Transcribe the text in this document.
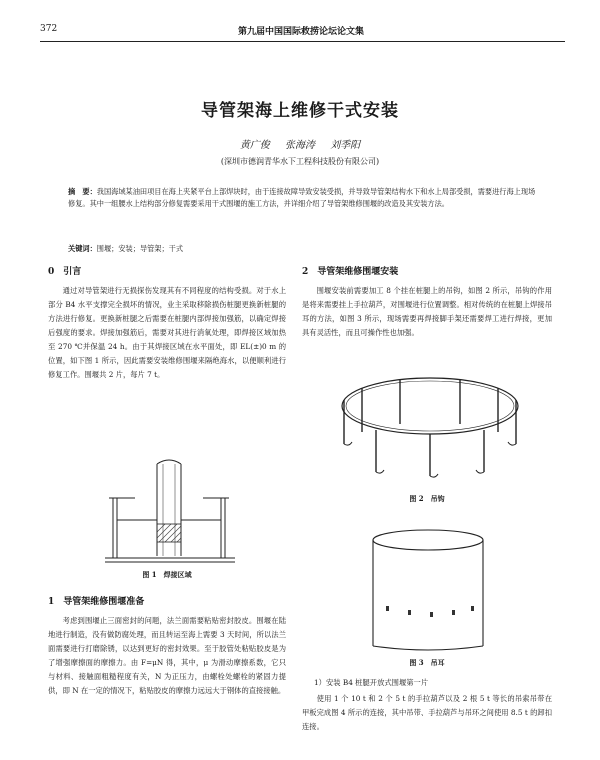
372	第九届中国国际救捞论坛论文集
导管架海上维修干式安装
黄广俊 张海涛 刘季阳
(深圳市德润青华水下工程科技股份有限公司)
摘　要：我国海域某油田项目在海上夹紧平台上部焊块时，由于连接故障导致安装受损，并导致导管架结构水下和水上局部受损，需要进行海上现场修复。其中一组腰水上结构部分修复需要采用干式围堰的施工方法，并详细介绍了导管架维修围堰的改造及其安装方法。
关键词：围堰；安装；导管架；干式
0　引言
通过对导管架进行无损探伤发现其有不同程度的结构受损。对于水上部分 B4 水平支撑完全损坏的情况，业主采取移除损伤桩腿更换新桩腿的方法进行修复。更换新桩腿之后需要在桩腿内部焊接加强筋，以确定焊接后强度的要求。焊接加强筋后，需要对其进行消氧处理，即焊接区域加热至 270 ℃并保温 24 h。由于其焊接区域在水平面处，即 EL(±)0 m 的位置，如下图 1 所示，因此需要安装维修围堰来隔绝海水，以便顺利进行修复工作。围堰共 2 片，每片 7 t。
图 1　焊接区域
1　导管架维修围堰准备
考虑到围堰止三面密封的问题，法兰面需要粘贴密封胶皮。围堰在陆地进行制造，没有做防腐处理，而且转运至海上需要 3 天时间，所以法兰面需要进行打磨除锈，以达到更好的密封效果。至于胶管处粘贴胶皮是为了增强摩擦面的摩擦力。由 F=μN 得，其中，μ 为滑动摩擦系数，它只与材料、接触面粗糙程度有关，N 为正压力，由螺栓处螺栓的紧固力提供，即 N 在一定的情况下，粘贴胶皮的摩擦力远远大于钢体的直接接触。
2　导管架维修围堰安装
围堰安装前需要加工 8 个挂在桩腿上的吊钩，如图 2 所示，吊钩的作用是将来需要挂上手拉葫芦，对围堰进行位置调整。相对传统的在桩腿上焊接吊耳的方法，如图 3 所示，现场需要再焊接脚手架还需要焊工进行焊接，更加具有灵活性，而且可操作性也加强。
图 2　吊钩
图 3　吊耳
1）安装 B4 桩腿开放式围堰第一片
使用 1 个 10 t 和 2 个 5 t 的手拉葫芦以及 2 根 5 t 等长的吊索吊带在甲板完成图 4 所示的连接，其中吊带、手拉葫芦与吊环之间使用 8.5 t 的卸扣连接。
